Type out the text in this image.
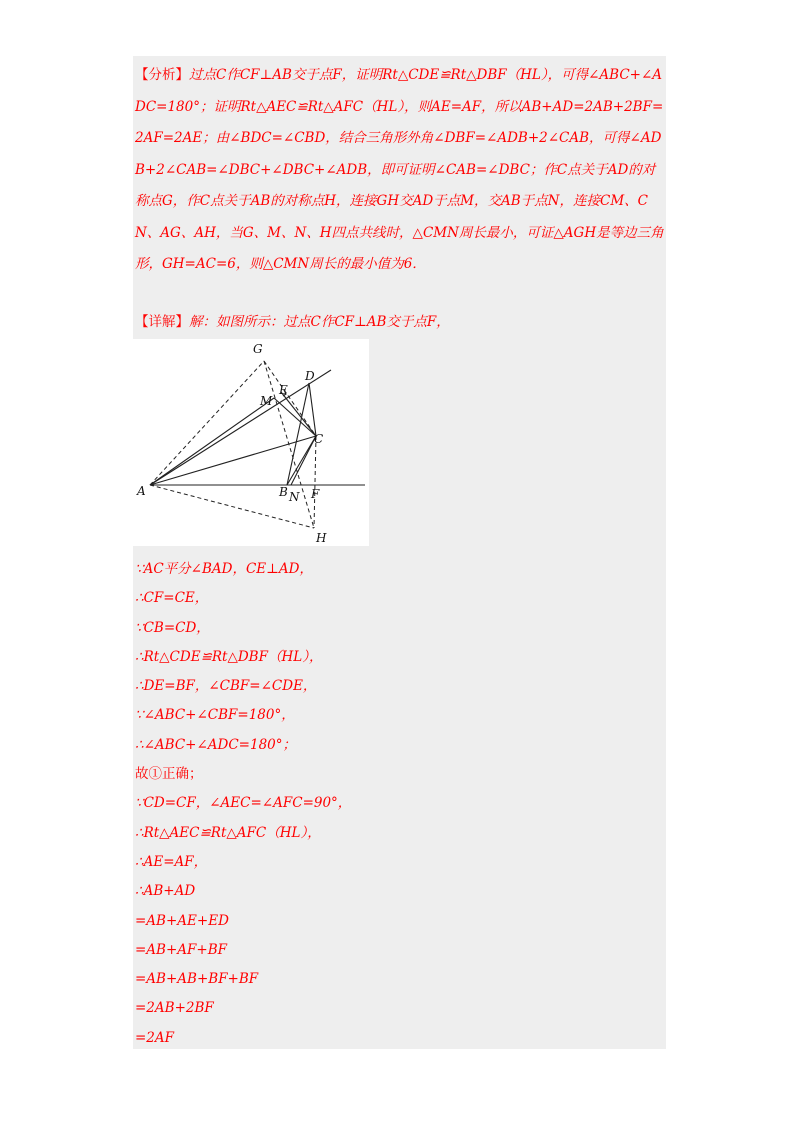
【分析】过点C作CF⊥AB交于点F，证明Rt△CDE≌Rt△DBF（HL），可得∠ABC+∠ADC=180°；证明Rt△AEC≌Rt△AFC（HL），则AE=AF，所以AB+AD=2AB+2BF=2AF=2AE；由∠BDC=∠CBD，结合三角形外角∠DBF=∠ADB+2∠CAB，可得∠ADB+2∠CAB=∠DBC+∠DBC+∠ADB，即可证明∠CAB=∠DBC；作C点关于AD的对称点G，作C点关于AB的对称点H，连接GH交AD于点M，交AB于点N，连接CM、CN、AG、AH，当G、M、N、H四点共线时，△CMN周长最小，可证△AGH是等边三角形，GH=AC=6，则△CMN周长的最小值为6．

【详解】解：如图所示：过点C作CF⊥AB交于点F，
G
D
E
M
C
A	B N F
H
∵AC平分∠BAD，CE⊥AD，
∴CF=CE，
∵CB=CD，
∴Rt△CDE≌Rt△DBF（HL），
∴DE=BF，∠CBF=∠CDE，
∵∠ABC+∠CBF=180°，
∴∠ABC+∠ADC=180°；
故①正确；
∵CD=CF，∠AEC=∠AFC=90°，
∴Rt△AEC≌Rt△AFC（HL），
∴AE=AF，
∴AB+AD
=AB+AE+ED
=AB+AF+BF
=AB+AB+BF+BF
=2AB+2BF
=2AF
